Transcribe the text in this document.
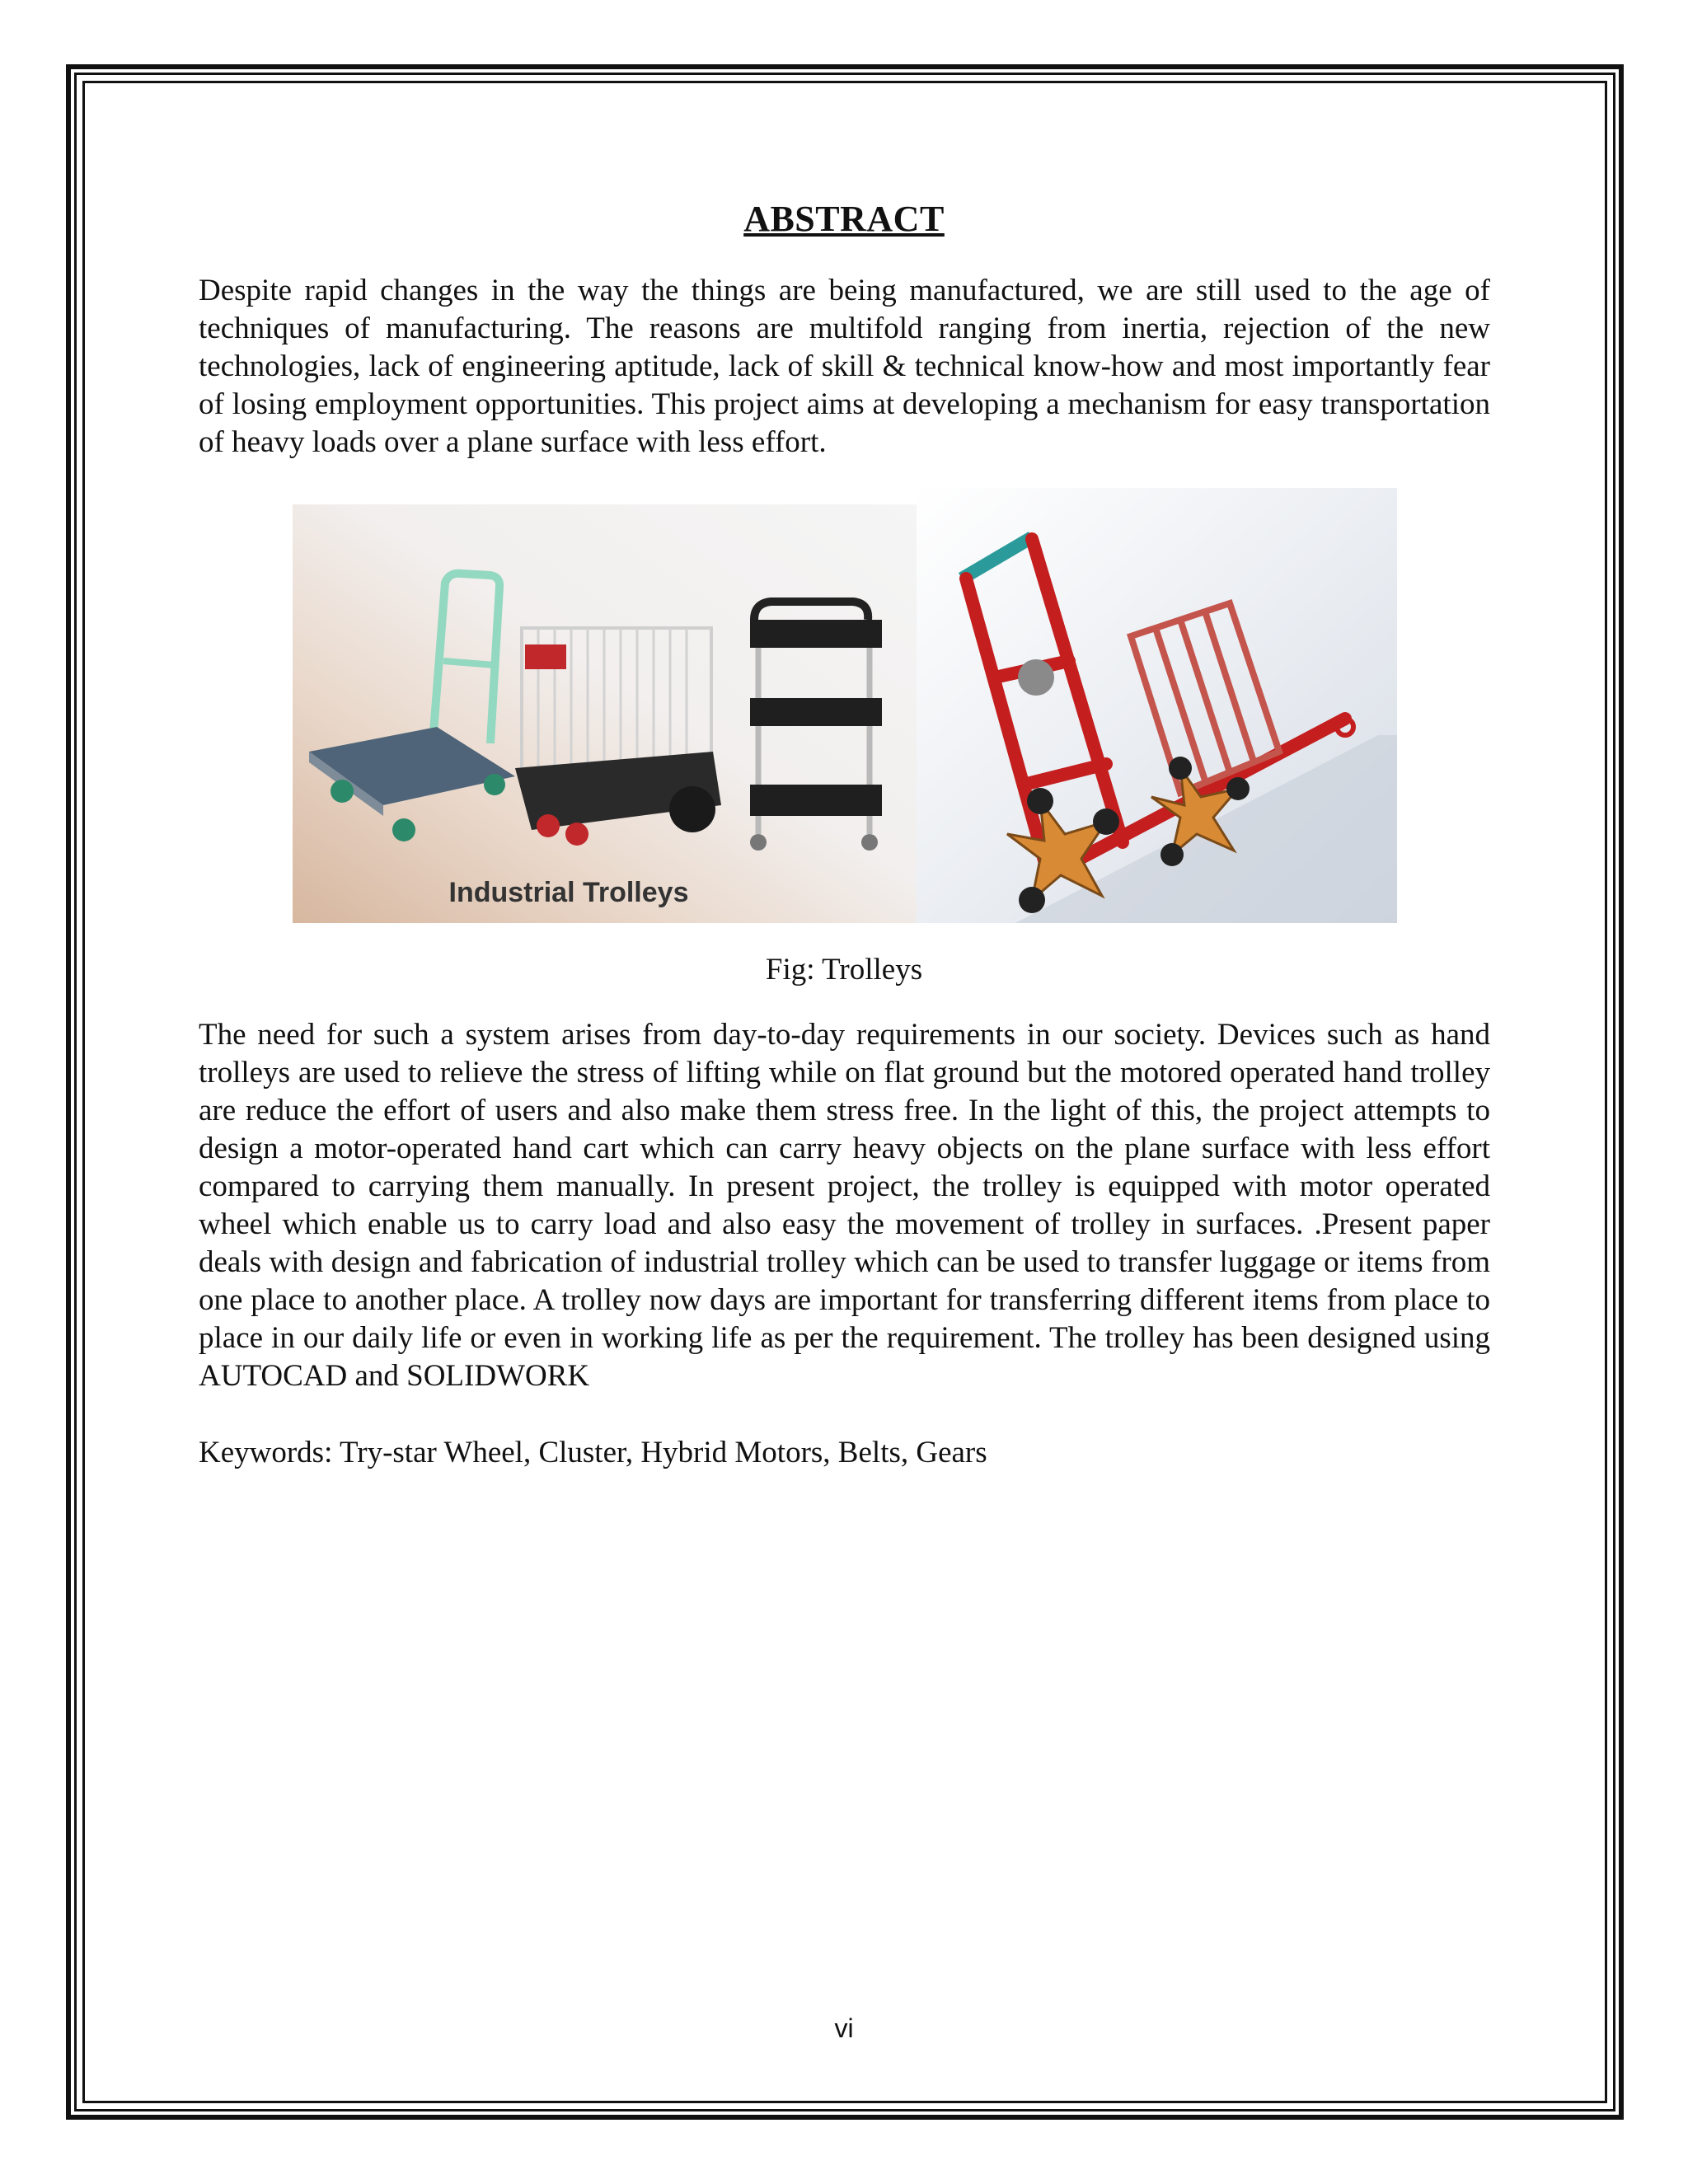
ABSTRACT

Despite rapid changes in the way the things are being manufactured, we are still used to the age of techniques of manufacturing. The reasons are multifold ranging from inertia, rejection of the new technologies, lack of engineering aptitude, lack of skill & technical know-how and most importantly fear of losing employment opportunities. This project aims at developing a mechanism for easy transportation of heavy loads over a plane surface with less effort.

Industrial Trolleys
Fig: Trolleys

The need for such a system arises from day-to-day requirements in our society. Devices such as hand trolleys are used to relieve the stress of lifting while on flat ground but the motored operated hand trolley are reduce the effort of users and also make them stress free. In the light of this, the project attempts to design a motor-operated hand cart which can carry heavy objects on the plane surface with less effort compared to carrying them manually. In present project, the trolley is equipped with motor operated wheel which enable us to carry load and also easy the movement of trolley in surfaces. .Present paper deals with design and fabrication of industrial trolley which can be used to transfer luggage or items from one place to another place. A trolley now days are important for transferring different items from place to place in our daily life or even in working life as per the requirement. The trolley has been designed using AUTOCAD and SOLIDWORK

Keywords: Try-star Wheel, Cluster, Hybrid Motors, Belts, Gears
vi
